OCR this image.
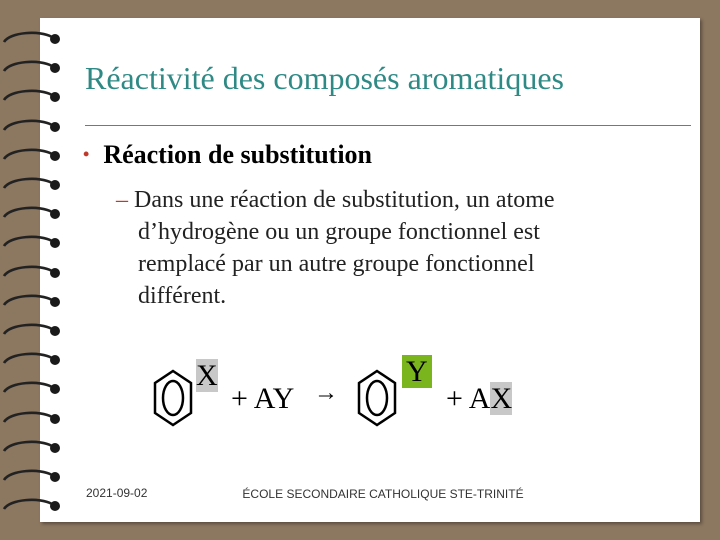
Réactivité des composés aromatiques
• Réaction de substitution
– Dans une réaction de substitution, un atome
d’hydrogène ou un groupe fonctionnel est
remplacé par un autre groupe fonctionnel
différent.
X
+ AY →
Y
+ AX
2021-09-02	ÉCOLE SECONDAIRE CATHOLIQUE STE-TRINITÉ
